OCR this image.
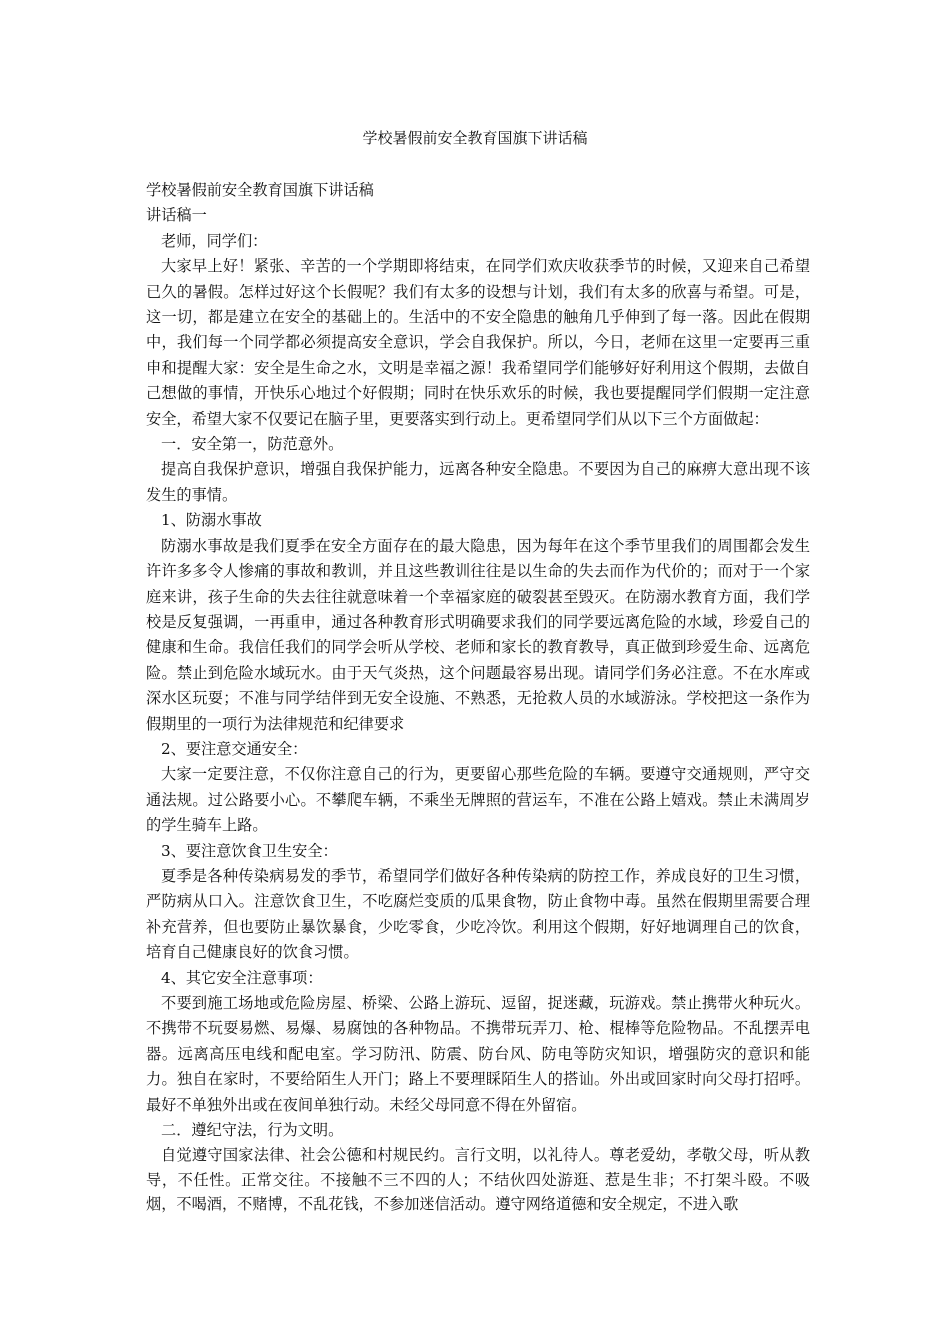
学校暑假前安全教育国旗下讲话稿

学校暑假前安全教育国旗下讲话稿

讲话稿一

老师，同学们：

大家早上好！紧张、辛苦的一个学期即将结束，在同学们欢庆收获季节的时候，又迎来自己希望已久的暑假。怎样过好这个长假呢？我们有太多的设想与计划，我们有太多的欣喜与希望。可是，这一切，都是建立在安全的基础上的。生活中的不安全隐患的触角几乎伸到了每一落。因此在假期中，我们每一个同学都必须提高安全意识，学会自我保护。所以，今日，老师在这里一定要再三重申和提醒大家：安全是生命之水，文明是幸福之源！我希望同学们能够好好利用这个假期，去做自己想做的事情，开快乐心地过个好假期；同时在快乐欢乐的时候，我也要提醒同学们假期一定注意安全，希望大家不仅要记在脑子里，更要落实到行动上。更希望同学们从以下三个方面做起：

一．安全第一，防范意外。

提高自我保护意识，增强自我保护能力，远离各种安全隐患。不要因为自己的麻痹大意出现不该发生的事情。

1、防溺水事故

防溺水事故是我们夏季在安全方面存在的最大隐患，因为每年在这个季节里我们的周围都会发生许许多多令人惨痛的事故和教训，并且这些教训往往是以生命的失去而作为代价的；而对于一个家庭来讲，孩子生命的失去往往就意味着一个幸福家庭的破裂甚至毁灭。在防溺水教育方面，我们学校是反复强调，一再重申，通过各种教育形式明确要求我们的同学要远离危险的水域，珍爱自己的健康和生命。我信任我们的同学会听从学校、老师和家长的教育教导，真正做到珍爱生命、远离危险。禁止到危险水域玩水。由于天气炎热，这个问题最容易出现。请同学们务必注意。不在水库或深水区玩耍；不准与同学结伴到无安全设施、不熟悉，无抢救人员的水域游泳。学校把这一条作为假期里的一项行为法律规范和纪律要求

2、要注意交通安全：

大家一定要注意，不仅你注意自己的行为，更要留心那些危险的车辆。要遵守交通规则，严守交通法规。过公路要小心。不攀爬车辆，不乘坐无牌照的营运车，不准在公路上嬉戏。禁止未满周岁的学生骑车上路。

3、要注意饮食卫生安全：

夏季是各种传染病易发的季节，希望同学们做好各种传染病的防控工作，养成良好的卫生习惯，严防病从口入。注意饮食卫生，不吃腐烂变质的瓜果食物，防止食物中毒。虽然在假期里需要合理补充营养，但也要防止暴饮暴食，少吃零食，少吃冷饮。利用这个假期，好好地调理自己的饮食，培育自己健康良好的饮食习惯。

4、其它安全注意事项：

不要到施工场地或危险房屋、桥梁、公路上游玩、逗留，捉迷藏，玩游戏。禁止携带火种玩火。不携带不玩耍易燃、易爆、易腐蚀的各种物品。不携带玩弄刀、枪、棍棒等危险物品。不乱摆弄电器。远离高压电线和配电室。学习防汛、防震、防台风、防电等防灾知识，增强防灾的意识和能力。独自在家时，不要给陌生人开门；路上不要理睬陌生人的搭讪。外出或回家时向父母打招呼。最好不单独外出或在夜间单独行动。未经父母同意不得在外留宿。

二．遵纪守法，行为文明。

自觉遵守国家法律、社会公德和村规民约。言行文明，以礼待人。尊老爱幼，孝敬父母，听从教导，不任性。正常交往。不接触不三不四的人；不结伙四处游逛、惹是生非；不打架斗殴。不吸烟，不喝酒，不赌博，不乱花钱，不参加迷信活动。遵守网络道德和安全规定，不进入歌
